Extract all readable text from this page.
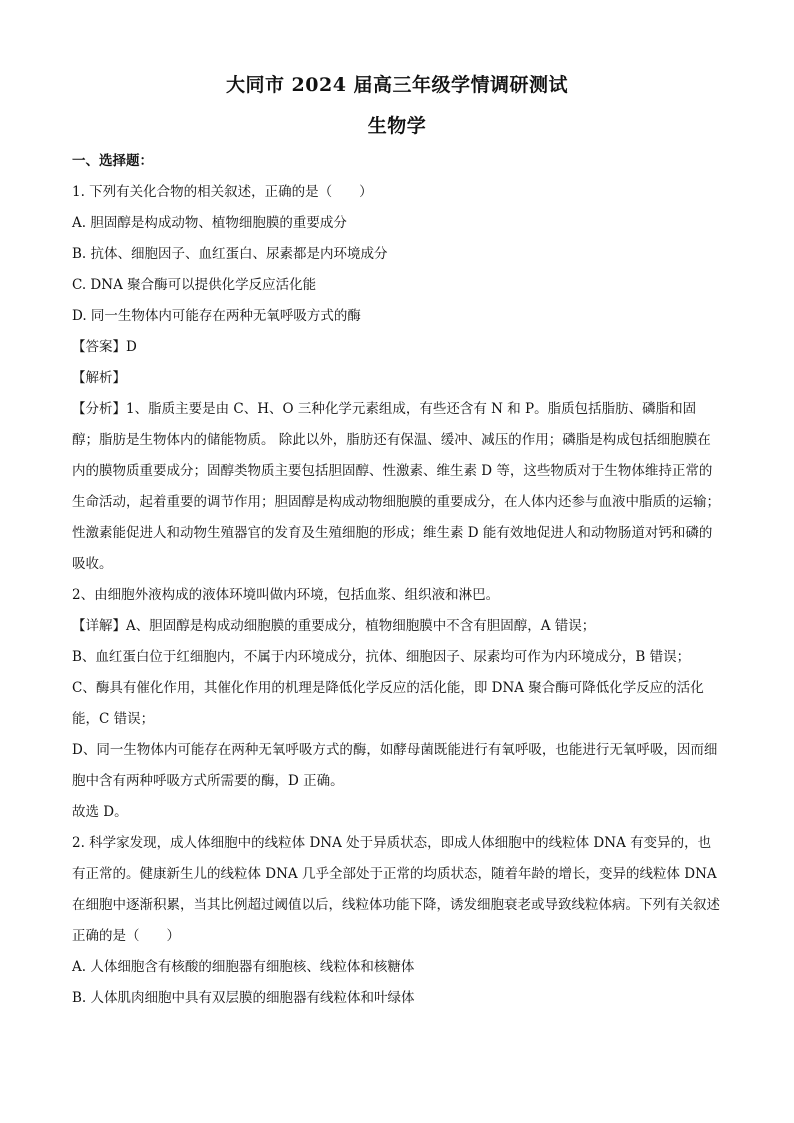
大同市 2024 届高三年级学情调研测试
生物学

一、选择题：

1. 下列有关化合物的相关叙述，正确的是（　　）

A. 胆固醇是构成动物、植物细胞膜的重要成分

B. 抗体、细胞因子、血红蛋白、尿素都是内环境成分

C. DNA 聚合酶可以提供化学反应活化能

D. 同一生物体内可能存在两种无氧呼吸方式的酶

【答案】D

【解析】

【分析】1、脂质主要是由 C、H、O 三种化学元素组成，有些还含有 N 和 P。脂质包括脂肪、磷脂和固醇；脂肪是生物体内的储能物质。 除此以外，脂肪还有保温、缓冲、减压的作用；磷脂是构成包括细胞膜在内的膜物质重要成分；固醇类物质主要包括胆固醇、性激素、维生素 D 等，这些物质对于生物体维持正常的生命活动，起着重要的调节作用；胆固醇是构成动物细胞膜的重要成分，在人体内还参与血液中脂质的运输；性激素能促进人和动物生殖器官的发育及生殖细胞的形成；维生素 D 能有效地促进人和动物肠道对钙和磷的吸收。

2、由细胞外液构成的液体环境叫做内环境，包括血浆、组织液和淋巴。

【详解】A、胆固醇是构成动细胞膜的重要成分，植物细胞膜中不含有胆固醇，A 错误；

B、血红蛋白位于红细胞内，不属于内环境成分，抗体、细胞因子、尿素均可作为内环境成分，B 错误；

C、酶具有催化作用，其催化作用的机理是降低化学反应的活化能，即 DNA 聚合酶可降低化学反应的活化能，C 错误；

D、同一生物体内可能存在两种无氧呼吸方式的酶，如酵母菌既能进行有氧呼吸，也能进行无氧呼吸，因而细胞中含有两种呼吸方式所需要的酶，D 正确。

故选 D。

2. 科学家发现，成人体细胞中的线粒体 DNA 处于异质状态，即成人体细胞中的线粒体 DNA 有变异的，也有正常的。健康新生儿的线粒体 DNA 几乎全部处于正常的均质状态，随着年龄的增长，变异的线粒体 DNA 在细胞中逐渐积累，当其比例超过阈值以后，线粒体功能下降，诱发细胞衰老或导致线粒体病。下列有关叙述正确的是（　　）

A. 人体细胞含有核酸的细胞器有细胞核、线粒体和核糖体

B. 人体肌肉细胞中具有双层膜的细胞器有线粒体和叶绿体
